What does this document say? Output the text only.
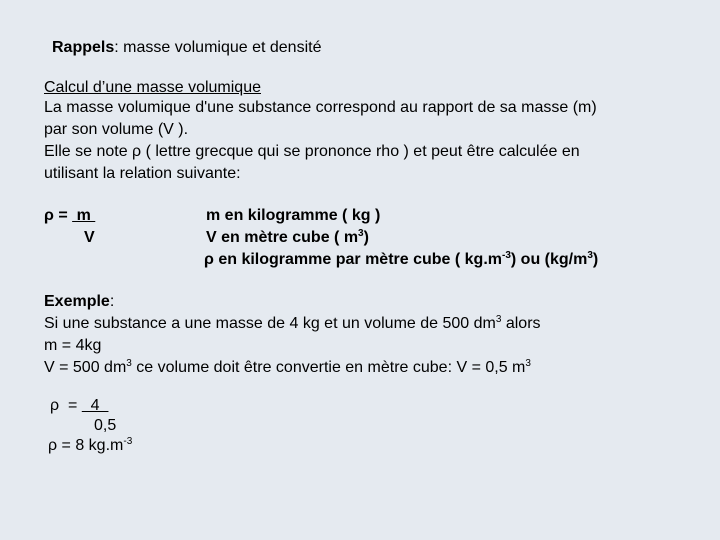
Rappels: masse volumique et densité
Calcul d’une masse volumique
La masse volumique d'une substance correspond au rapport de sa masse (m)
par son volume (V ).
Elle se note ρ ( lettre grecque qui se prononce rho ) et peut être calculée en
utilisant la relation suivante:
ρ =  m
V
m en kilogramme ( kg )
V en mètre cube ( $m^3$)
ρ en kilogramme par mètre cube ( $kg.m^{-3}$) ou $(kg/m^3)$
Exemple:
Si une substance a une masse de 4 kg et un volume de 500 $dm^3$ alors
m = 4kg
V = 500 $dm^3$ ce volume doit être convertie en mètre cube: V = 0,5 $m^3$
ρ  =   4
0,5
ρ = 8 $kg.m^{-3}$
